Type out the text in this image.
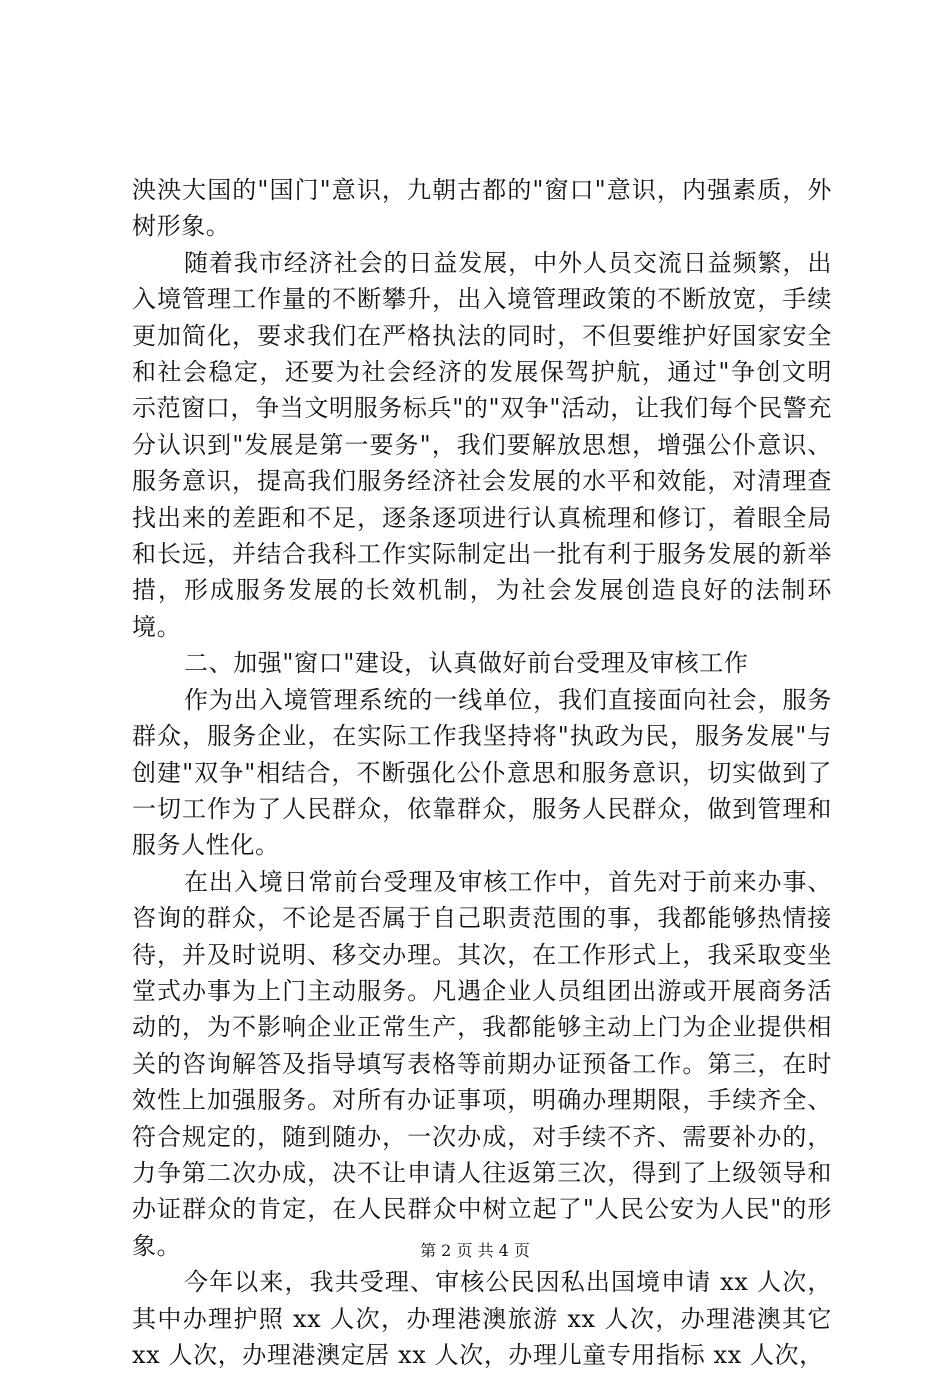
泱泱大国的"国门"意识，九朝古都的"窗口"意识，内强素质，外树形象。

随着我市经济社会的日益发展，中外人员交流日益频繁，出入境管理工作量的不断攀升，出入境管理政策的不断放宽，手续更加简化，要求我们在严格执法的同时，不但要维护好国家安全和社会稳定，还要为社会经济的发展保驾护航，通过"争创文明示范窗口，争当文明服务标兵"的"双争"活动，让我们每个民警充分认识到"发展是第一要务"，我们要解放思想，增强公仆意识、服务意识，提高我们服务经济社会发展的水平和效能，对清理查找出来的差距和不足，逐条逐项进行认真梳理和修订，着眼全局和长远，并结合我科工作实际制定出一批有利于服务发展的新举措，形成服务发展的长效机制，为社会发展创造良好的法制环境。

二、加强"窗口"建设，认真做好前台受理及审核工作

作为出入境管理系统的一线单位，我们直接面向社会，服务群众，服务企业，在实际工作我坚持将"执政为民，服务发展"与创建"双争"相结合，不断强化公仆意思和服务意识，切实做到了一切工作为了人民群众，依靠群众，服务人民群众，做到管理和服务人性化。

在出入境日常前台受理及审核工作中，首先对于前来办事、咨询的群众，不论是否属于自己职责范围的事，我都能够热情接待，并及时说明、移交办理。其次，在工作形式上，我采取变坐堂式办事为上门主动服务。凡遇企业人员组团出游或开展商务活动的，为不影响企业正常生产，我都能够主动上门为企业提供相关的咨询解答及指导填写表格等前期办证预备工作。第三，在时效性上加强服务。对所有办证事项，明确办理期限，手续齐全、符合规定的，随到随办，一次办成，对手续不齐、需要补办的，力争第二次办成，决不让申请人往返第三次，得到了上级领导和办证群众的肯定，在人民群众中树立起了"人民公安为人民"的形象。

今年以来，我共受理、审核公民因私出国境申请 xx 人次，其中办理护照 xx 人次，办理港澳旅游 xx 人次，办理港澳其它 xx 人次，办理港澳定居 xx 人次，办理儿童专用指标 xx 人次，

第 2 页 共 4 页
